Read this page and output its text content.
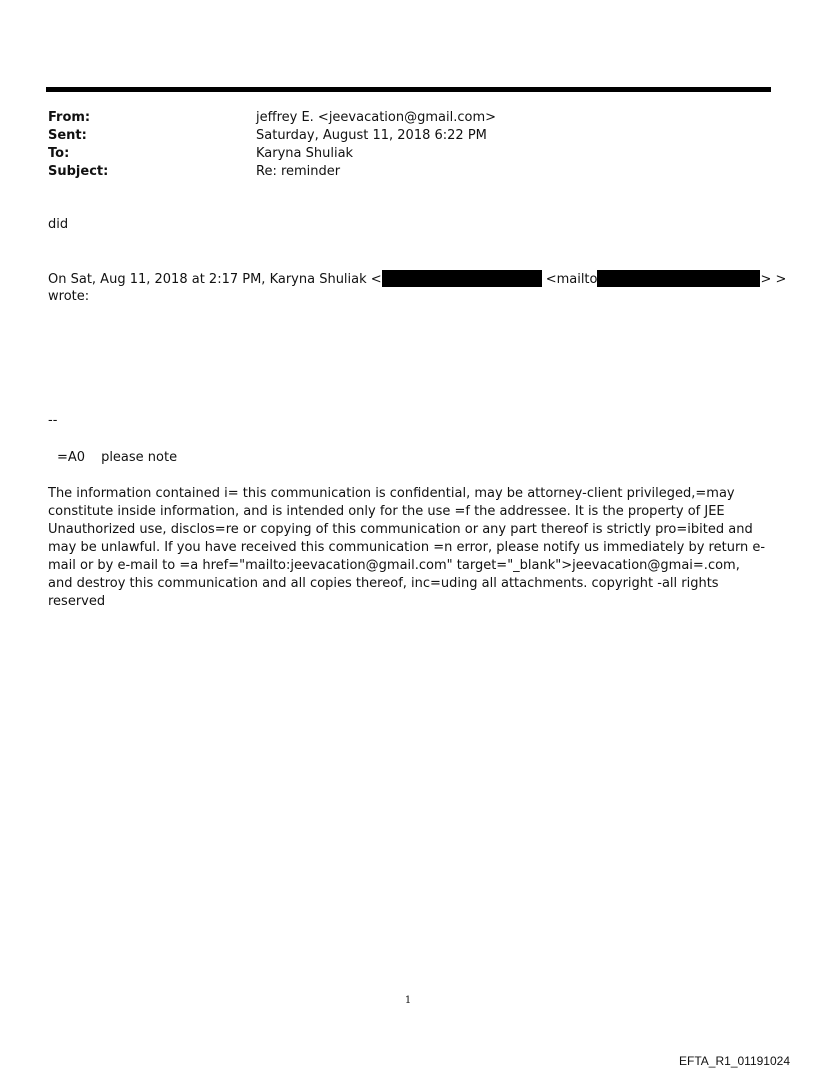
From:	jeffrey E. <jeevacation@gmail.com>
Sent:	Saturday, August 11, 2018 6:22 PM
To:	Karyna Shuliak
Subject:	Re: reminder
did
On Sat, Aug 11, 2018 at 2:17 PM, Karyna Shuliak <	<mailto	> >
wrote:
--
=A0 please note
The information contained i= this communication is confidential, may be attorney-client privileged,=may constitute inside information, and is intended only for the use =f the addressee. It is the property of JEE Unauthorized use, disclos=re or copying of this communication or any part thereof is strictly pro=ibited and may be unlawful. If you have received this communication =n error, please notify us immediately by return e-mail or by e-mail to =a href="mailto:jeevacation@gmail.com" target="_blank">jeevacation@gmai=.com, and destroy this communication and all copies thereof, inc=uding all attachments. copyright -all rights reserved
1
EFTA_R1_01191024
